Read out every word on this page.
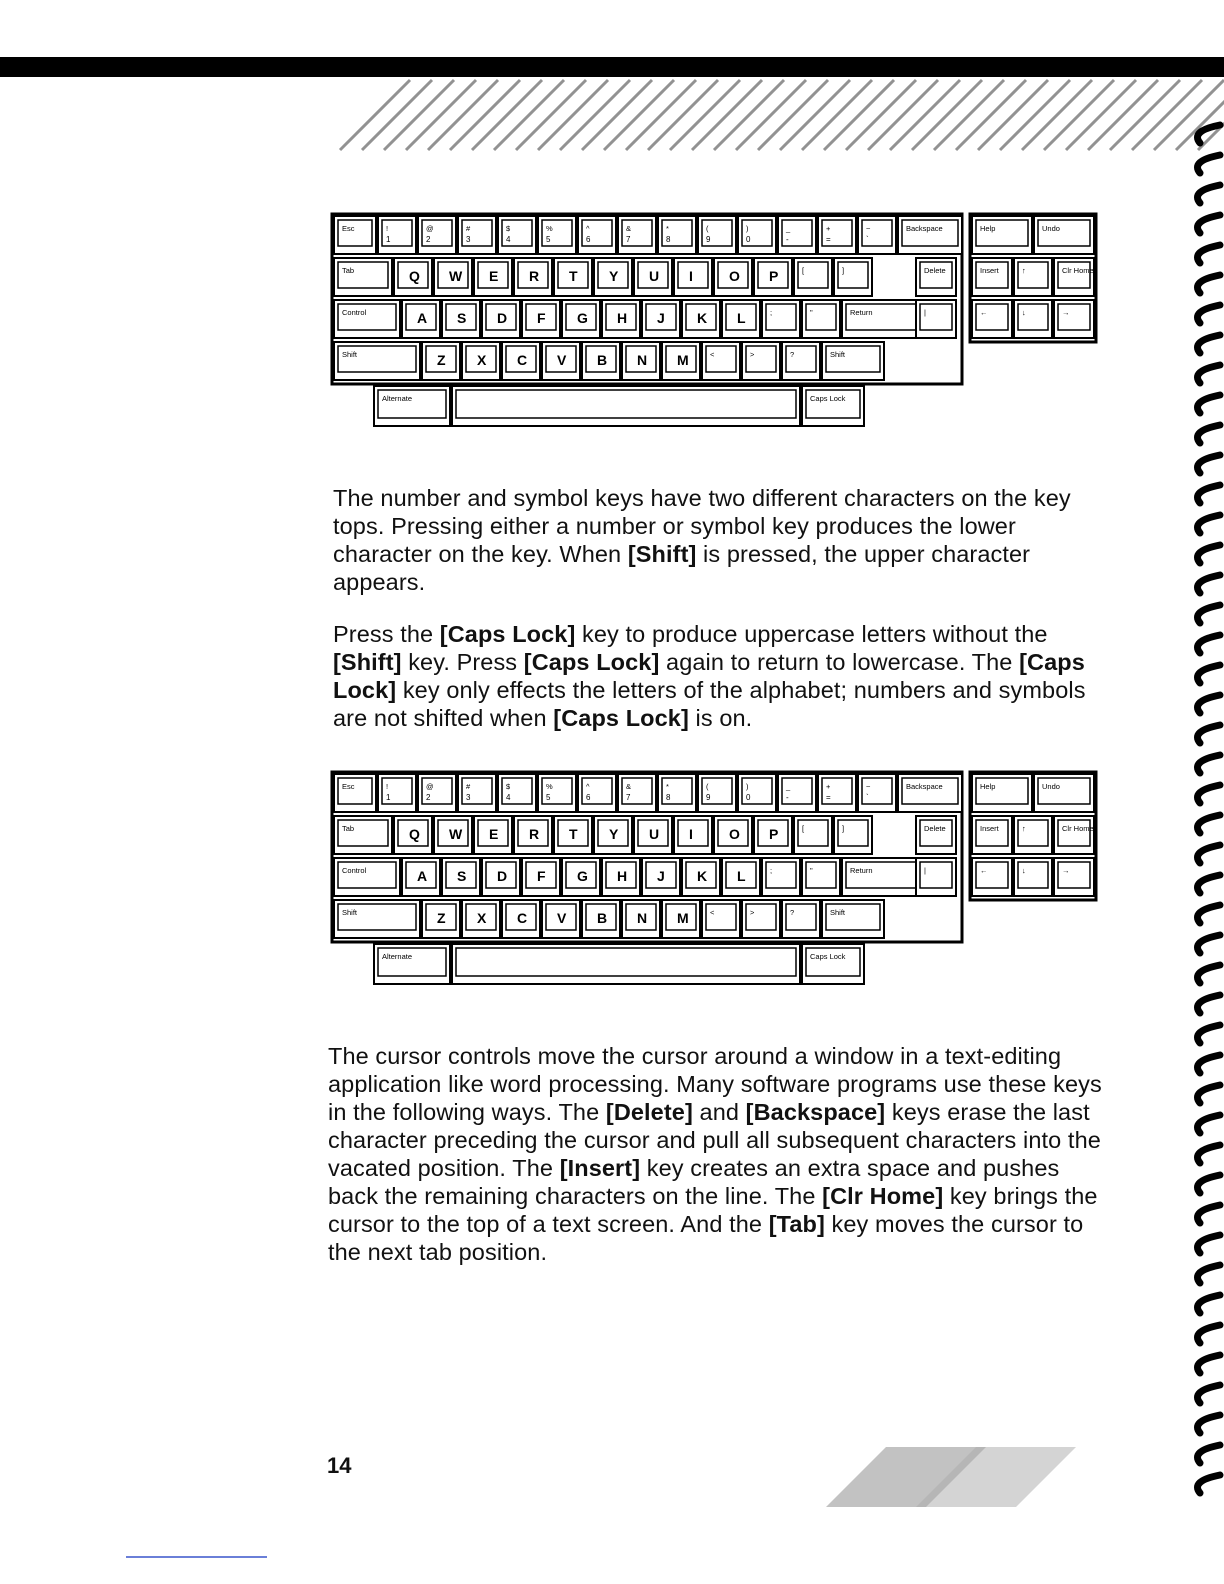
Esc	!
1
@
2
#
3
$
4
%
5
^
6
&
7
*
8
(
9
)
0
_
-
+
=
~
`
Backspace
Tab	Q W E R T Y U I	O P	[	]	Delete
Control	A S D F G H J K L	;	"	Return	|
Shift	Z X C V B N M	<	>	?	Shift
Alternate	Caps Lock
Help	Undo
Insert	↑	Clr Home
←	↓	→
The number and symbol keys have two different characters on the key tops. Pressing either a number or symbol key produces the lower character on the key. When [Shift] is pressed, the upper character appears.
Press the [Caps Lock] key to produce uppercase letters without the [Shift] key. Press [Caps Lock] again to return to lowercase. The [Caps Lock] key only effects the letters of the alphabet; numbers and symbols are not shifted when [Caps Lock] is on.
Esc	!
1
@
2
#
3
$
4
%
5
^
6
&
7
*
8
(
9
)
0
_
-
+
=
~
`
Backspace
Tab	Q W E R T Y U I	O P	[	]	Delete
Control	A S D F G H J K L	;	"	Return	|
Shift	Z X C V B N M	<	>	?	Shift
Alternate	Caps Lock
Help	Undo
Insert	↑	Clr Home
←	↓	→
The cursor controls move the cursor around a window in a text-editing application like word processing. Many software programs use these keys in the following ways. The [Delete] and [Backspace] keys erase the last character preceding the cursor and pull all subsequent characters into the vacated position. The [Insert] key creates an extra space and pushes back the remaining characters on the line. The [Clr Home] key brings the cursor to the top of a text screen. And the [Tab] key moves the cursor to the next tab position.
14
